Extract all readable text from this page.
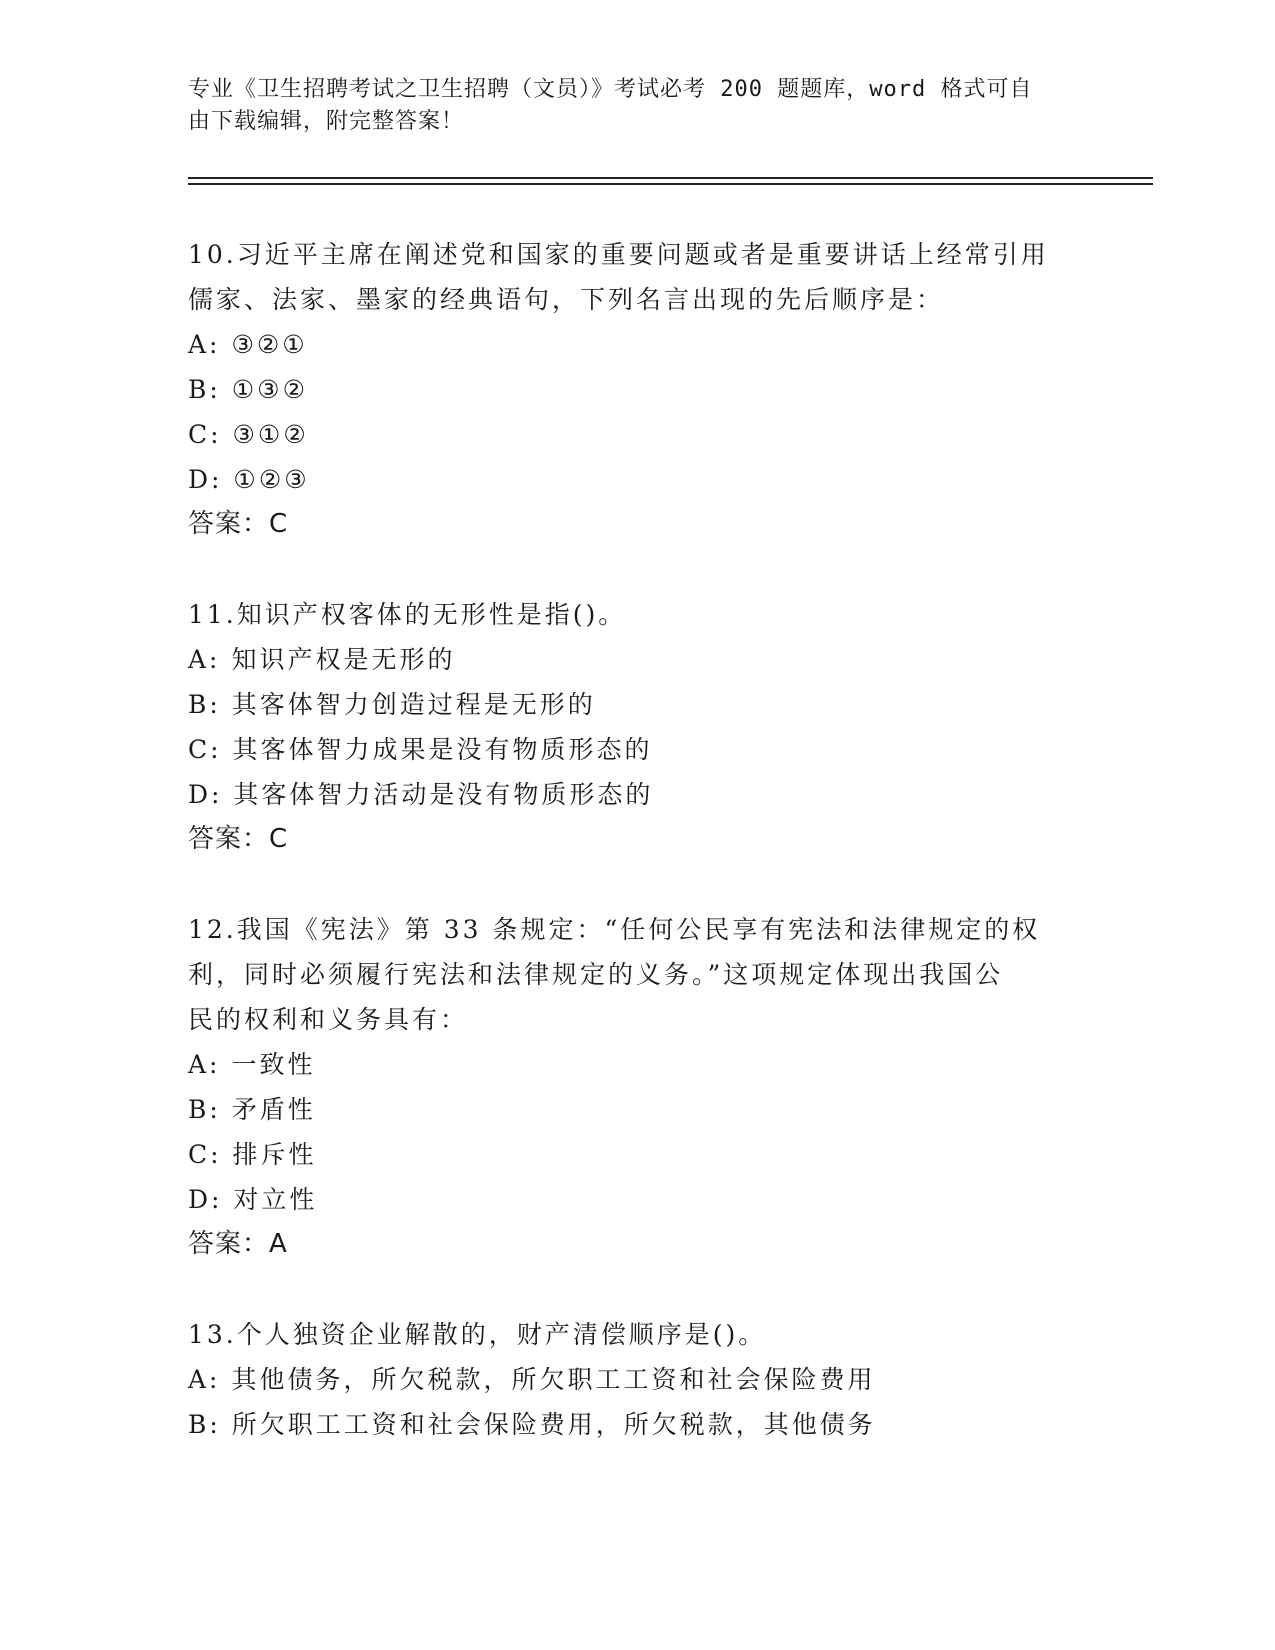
专业《卫生招聘考试之卫生招聘（文员）》考试必考 200 题题库，word 格式可自
由下载编辑，附完整答案！
10.习近平主席在阐述党和国家的重要问题或者是重要讲话上经常引用
儒家、法家、墨家的经典语句，下列名言出现的先后顺序是：
A: ③②①
B: ①③②
C: ③①②
D: ①②③
答案：C
11.知识产权客体的无形性是指()。
A: 知识产权是无形的
B: 其客体智力创造过程是无形的
C: 其客体智力成果是没有物质形态的
D: 其客体智力活动是没有物质形态的
答案：C
12.我国《宪法》第 33 条规定：“任何公民享有宪法和法律规定的权
利，同时必须履行宪法和法律规定的义务。”这项规定体现出我国公
民的权利和义务具有：
A: 一致性
B: 矛盾性
C: 排斥性
D: 对立性
答案：A
13.个人独资企业解散的，财产清偿顺序是()。
A: 其他债务，所欠税款，所欠职工工资和社会保险费用
B: 所欠职工工资和社会保险费用，所欠税款，其他债务
